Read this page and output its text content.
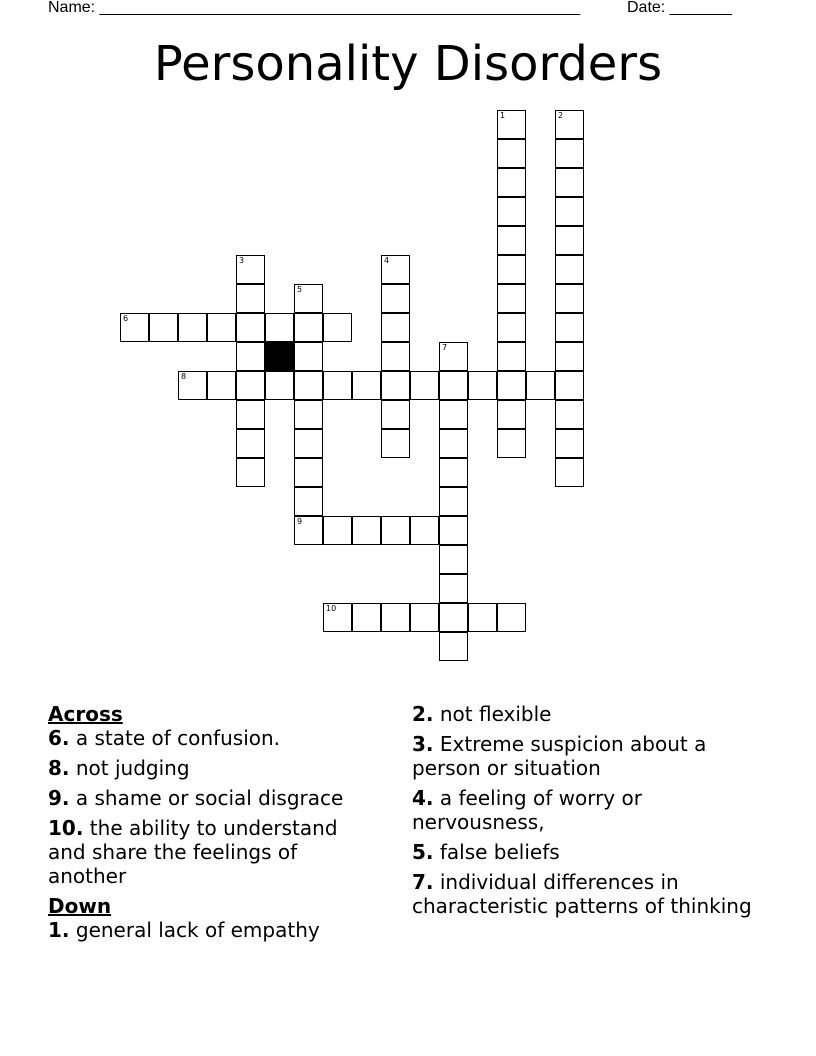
Name: ______________________________________________________	Date: _______
Personality Disorders
1	2
3	4
5
6
7
8
9
10
Across
6. a state of confusion.
8. not judging
9. a shame or social disgrace
10. the ability to understand and share the feelings of another
Down
1. general lack of empathy
2. not flexible
3. Extreme suspicion about a person or situation
4. a feeling of worry or nervousness,
5. false beliefs
7. individual differences in characteristic patterns of thinking
